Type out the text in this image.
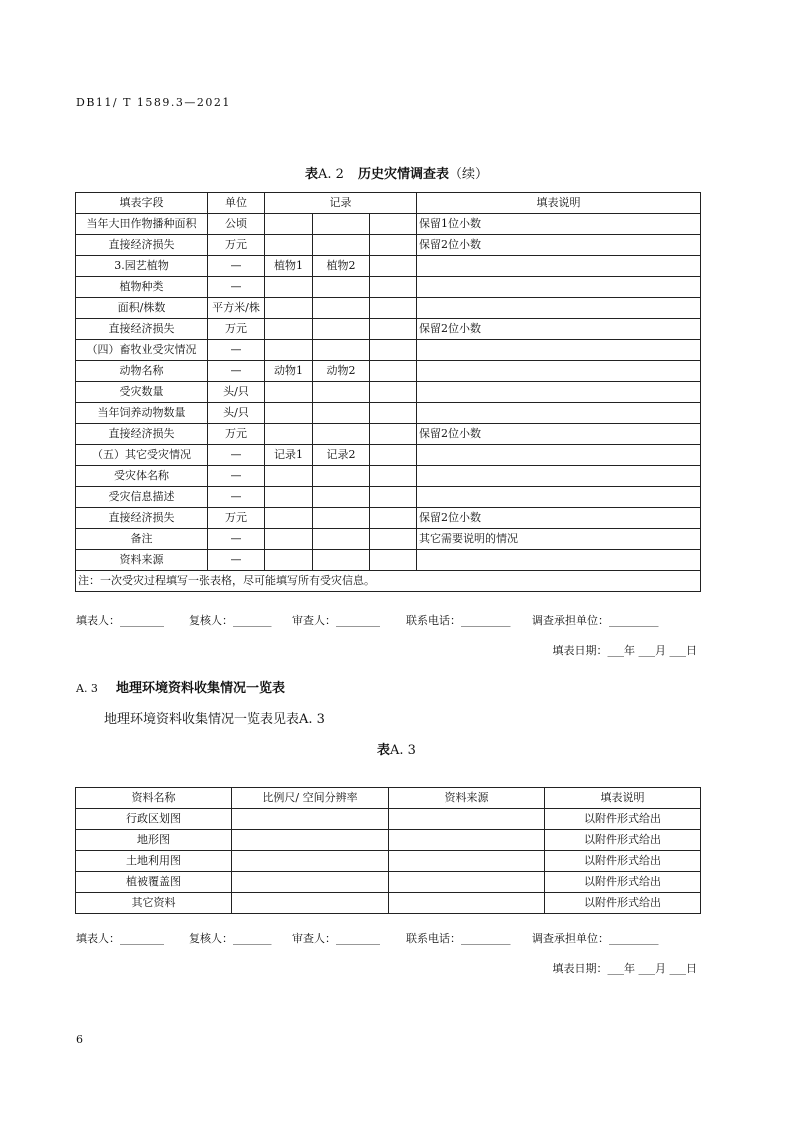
DB11/ T 1589.3—2021
表A. 2 历史灾情调查表（续）
填表字段	单位	记录			填表说明
当年大田作物播种面积	公顷				保留1位小数
直接经济损失	万元				保留2位小数
3.园艺植物	—	植物1	植物2		
植物种类	—				
面积/株数	平方米/株				
直接经济损失	万元				保留2位小数
（四）畜牧业受灾情况	—				
动物名称	—	动物1	动物2		
受灾数量	头/只				
当年饲养动物数量	头/只				
直接经济损失	万元				保留2位小数
（五）其它受灾情况	—	记录1	记录2		
受灾体名称	—				
受灾信息描述	—				
直接经济损失	万元				保留2位小数
备注	—				其它需要说明的情况
资料来源	—				
注：一次受灾过程填写一张表格，尽可能填写所有受灾信息。					
填表人：________ 复核人：_______ 审查人：________ 联系电话：_________ 调查承担单位：_________
填表日期：___年 ___月 ___日
A. 3 地理环境资料收集情况一览表
地理环境资料收集情况一览表见表A. 3
表A. 3
资料名称	比例尺/ 空间分辨率	资料来源	填表说明
行政区划图			以附件形式给出
地形图			以附件形式给出
土地利用图			以附件形式给出
植被覆盖图			以附件形式给出
其它资料			以附件形式给出
填表人：________ 复核人：_______ 审查人：________ 联系电话：_________ 调查承担单位：_________
填表日期：___年 ___月 ___日
6
